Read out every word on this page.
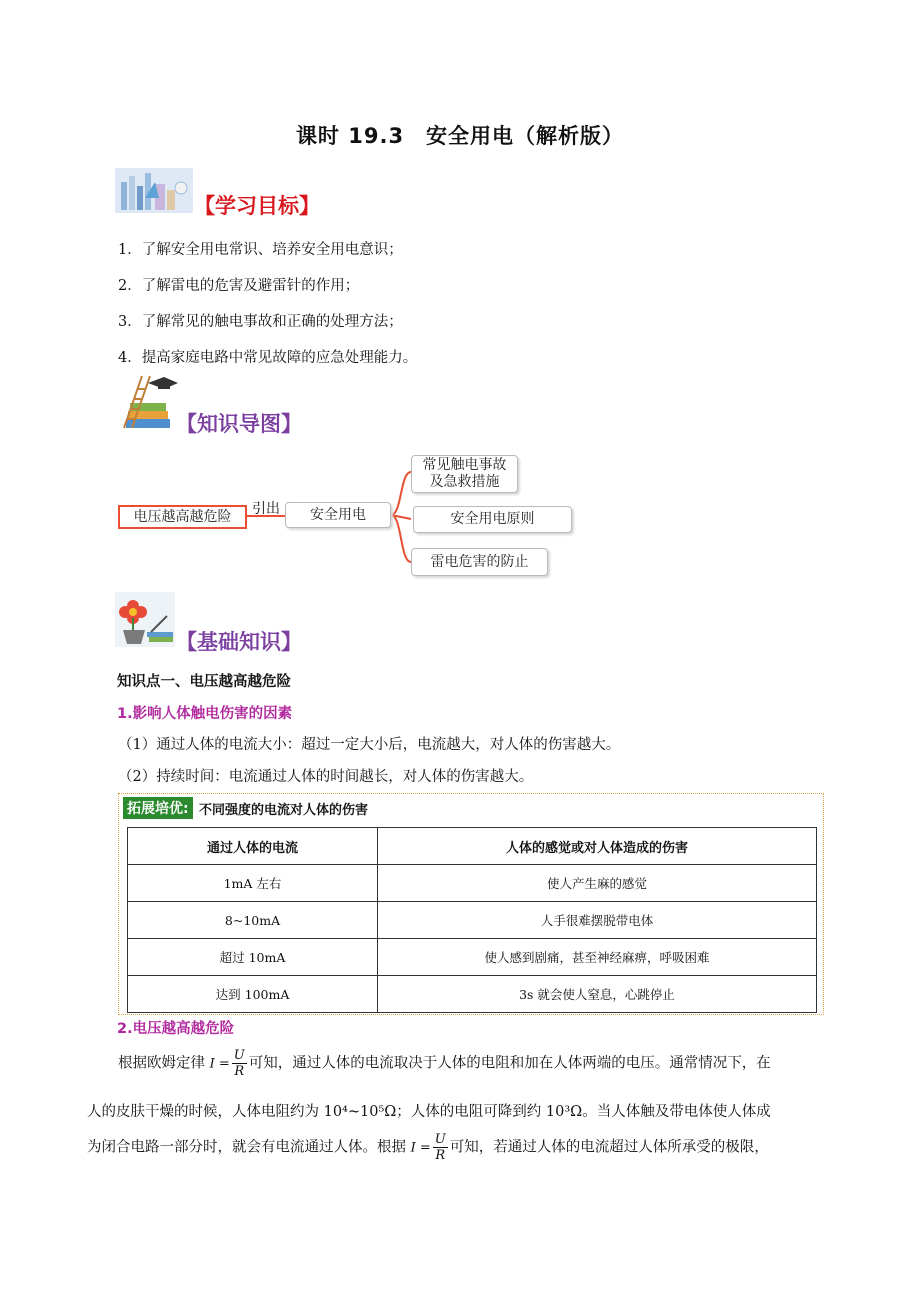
课时 19.3　安全用电（解析版）
【学习目标】
1．了解安全用电常识、培养安全用电意识；
2．了解雷电的危害及避雷针的作用；
3．了解常见的触电事故和正确的处理方法；
4．提高家庭电路中常见故障的应急处理能力。
【知识导图】
电压越高越危险	引出	安全用电
常见触电事故
及急救措施
安全用电原则
雷电危害的防止
【基础知识】
知识点一、电压越高越危险
1.影响人体触电伤害的因素
（1）通过人体的电流大小：超过一定大小后，电流越大，对人体的伤害越大。
（2）持续时间：电流通过人体的时间越长，对人体的伤害越大。
拓展培优: 不同强度的电流对人体的伤害
通过人体的电流	人体的感觉或对人体造成的伤害
1mA 左右	使人产生麻的感觉
8~10mA	人手很难摆脱带电体
超过 10mA	使人感到剧痛，甚至神经麻痹，呼吸困难
达到 100mA	3s 就会使人窒息，心跳停止
2.电压越高越危险
根据欧姆定律 $I = \frac{U}{R}$ 可知，通过人体的电流取决于人体的电阻和加在人体两端的电压。通常情况下，在
人的皮肤干燥的时候，人体电阻约为 10⁴~10⁵Ω；人体的电阻可降到约 10³Ω。当人体触及带电体使人体成
为闭合电路一部分时，就会有电流通过人体。根据 $I = \frac{U}{R}$ 可知，若通过人体的电流超过人体所承受的极限，
